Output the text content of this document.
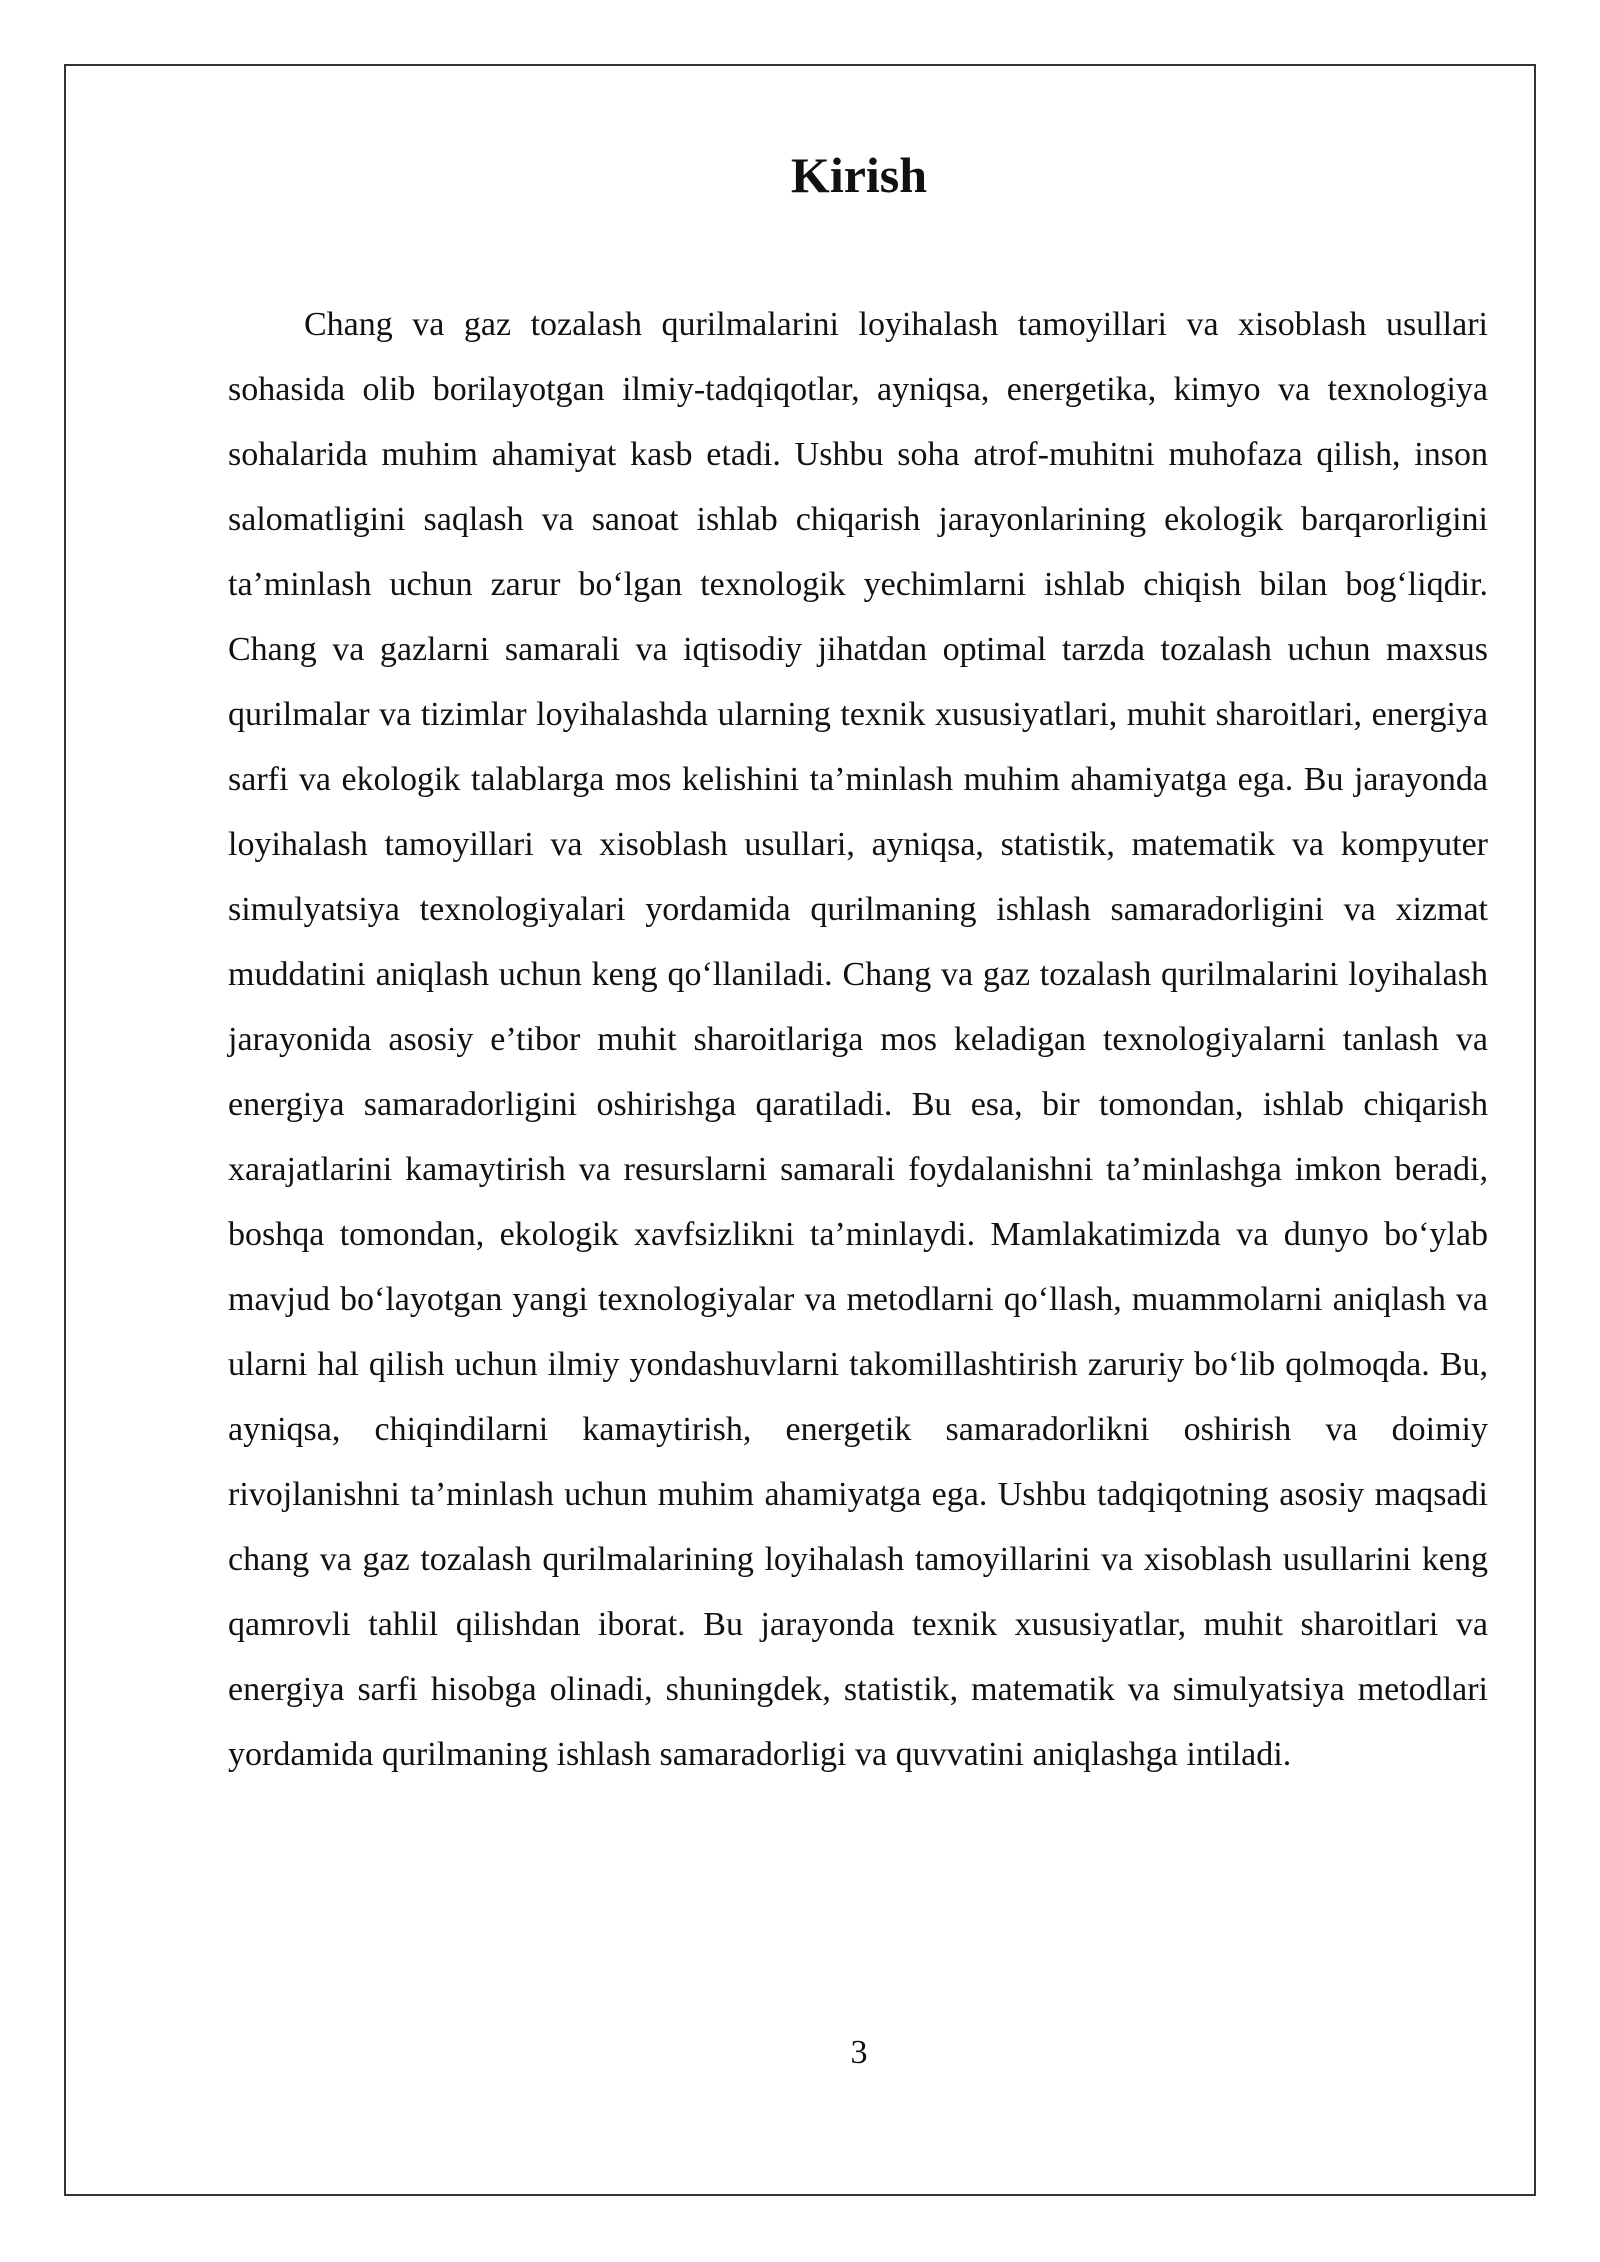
Kirish

Chang va gaz tozalash qurilmalarini loyihalash tamoyillari va xisoblash usullari sohasida olib borilayotgan ilmiy-tadqiqotlar, ayniqsa, energetika, kimyo va texnologiya sohalarida muhim ahamiyat kasb etadi. Ushbu soha atrof-muhitni muhofaza qilish, inson salomatligini saqlash va sanoat ishlab chiqarish jarayonlarining ekologik barqarorligini ta’minlash uchun zarur bo‘lgan texnologik yechimlarni ishlab chiqish bilan bog‘liqdir. Chang va gazlarni samarali va iqtisodiy jihatdan optimal tarzda tozalash uchun maxsus qurilmalar va tizimlar loyihalashda ularning texnik xususiyatlari, muhit sharoitlari, energiya sarfi va ekologik talablarga mos kelishini ta’minlash muhim ahamiyatga ega. Bu jarayonda loyihalash tamoyillari va xisoblash usullari, ayniqsa, statistik, matematik va kompyuter simulyatsiya texnologiyalari yordamida qurilmaning ishlash samaradorligini va xizmat muddatini aniqlash uchun keng qo‘llaniladi. Chang va gaz tozalash qurilmalarini loyihalash jarayonida asosiy e’tibor muhit sharoitlariga mos keladigan texnologiyalarni tanlash va energiya samaradorligini oshirishga qaratiladi. Bu esa, bir tomondan, ishlab chiqarish xarajatlarini kamaytirish va resurslarni samarali foydalanishni ta’minlashga imkon beradi, boshqa tomondan, ekologik xavfsizlikni ta’minlaydi. Mamlakatimizda va dunyo bo‘ylab mavjud bo‘layotgan yangi texnologiyalar va metodlarni qo‘llash, muammolarni aniqlash va ularni hal qilish uchun ilmiy yondashuvlarni takomillashtirish zaruriy bo‘lib qolmoqda. Bu, ayniqsa, chiqindilarni kamaytirish, energetik samaradorlikni oshirish va doimiy rivojlanishni ta’minlash uchun muhim ahamiyatga ega. Ushbu tadqiqotning asosiy maqsadi chang va gaz tozalash qurilmalarining loyihalash tamoyillarini va xisoblash usullarini keng qamrovli tahlil qilishdan iborat. Bu jarayonda texnik xususiyatlar, muhit sharoitlari va energiya sarfi hisobga olinadi, shuningdek, statistik, matematik va simulyatsiya metodlari yordamida qurilmaning ishlash samaradorligi va quvvatini aniqlashga intiladi.

3
